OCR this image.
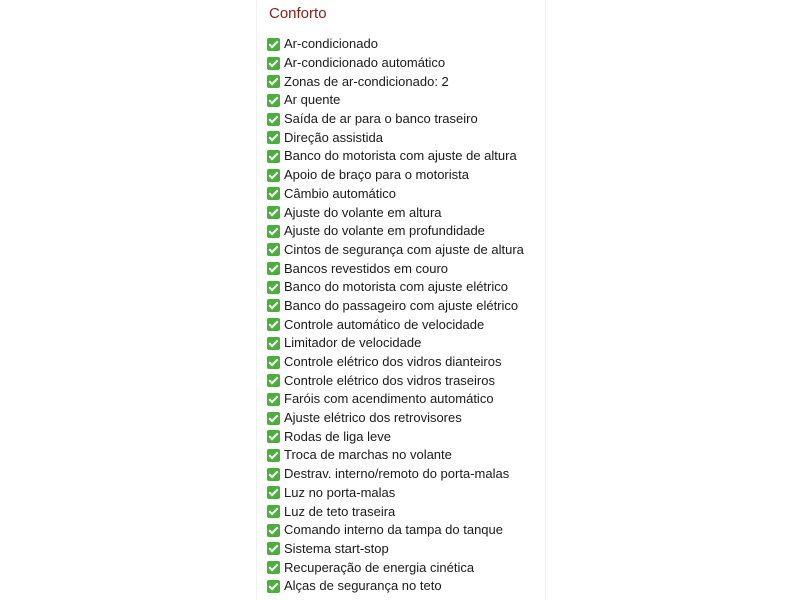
Conforto
Ar-condicionado
Ar-condicionado automático
Zonas de ar-condicionado: 2
Ar quente
Saída de ar para o banco traseiro
Direção assistida
Banco do motorista com ajuste de altura
Apoio de braço para o motorista
Câmbio automático
Ajuste do volante em altura
Ajuste do volante em profundidade
Cintos de segurança com ajuste de altura
Bancos revestidos em couro
Banco do motorista com ajuste elétrico
Banco do passageiro com ajuste elétrico
Controle automático de velocidade
Limitador de velocidade
Controle elétrico dos vidros dianteiros
Controle elétrico dos vidros traseiros
Faróis com acendimento automático
Ajuste elétrico dos retrovisores
Rodas de liga leve
Troca de marchas no volante
Destrav. interno/remoto do porta-malas
Luz no porta-malas
Luz de teto traseira
Comando interno da tampa do tanque
Sistema start-stop
Recuperação de energia cinética
Alças de segurança no teto
